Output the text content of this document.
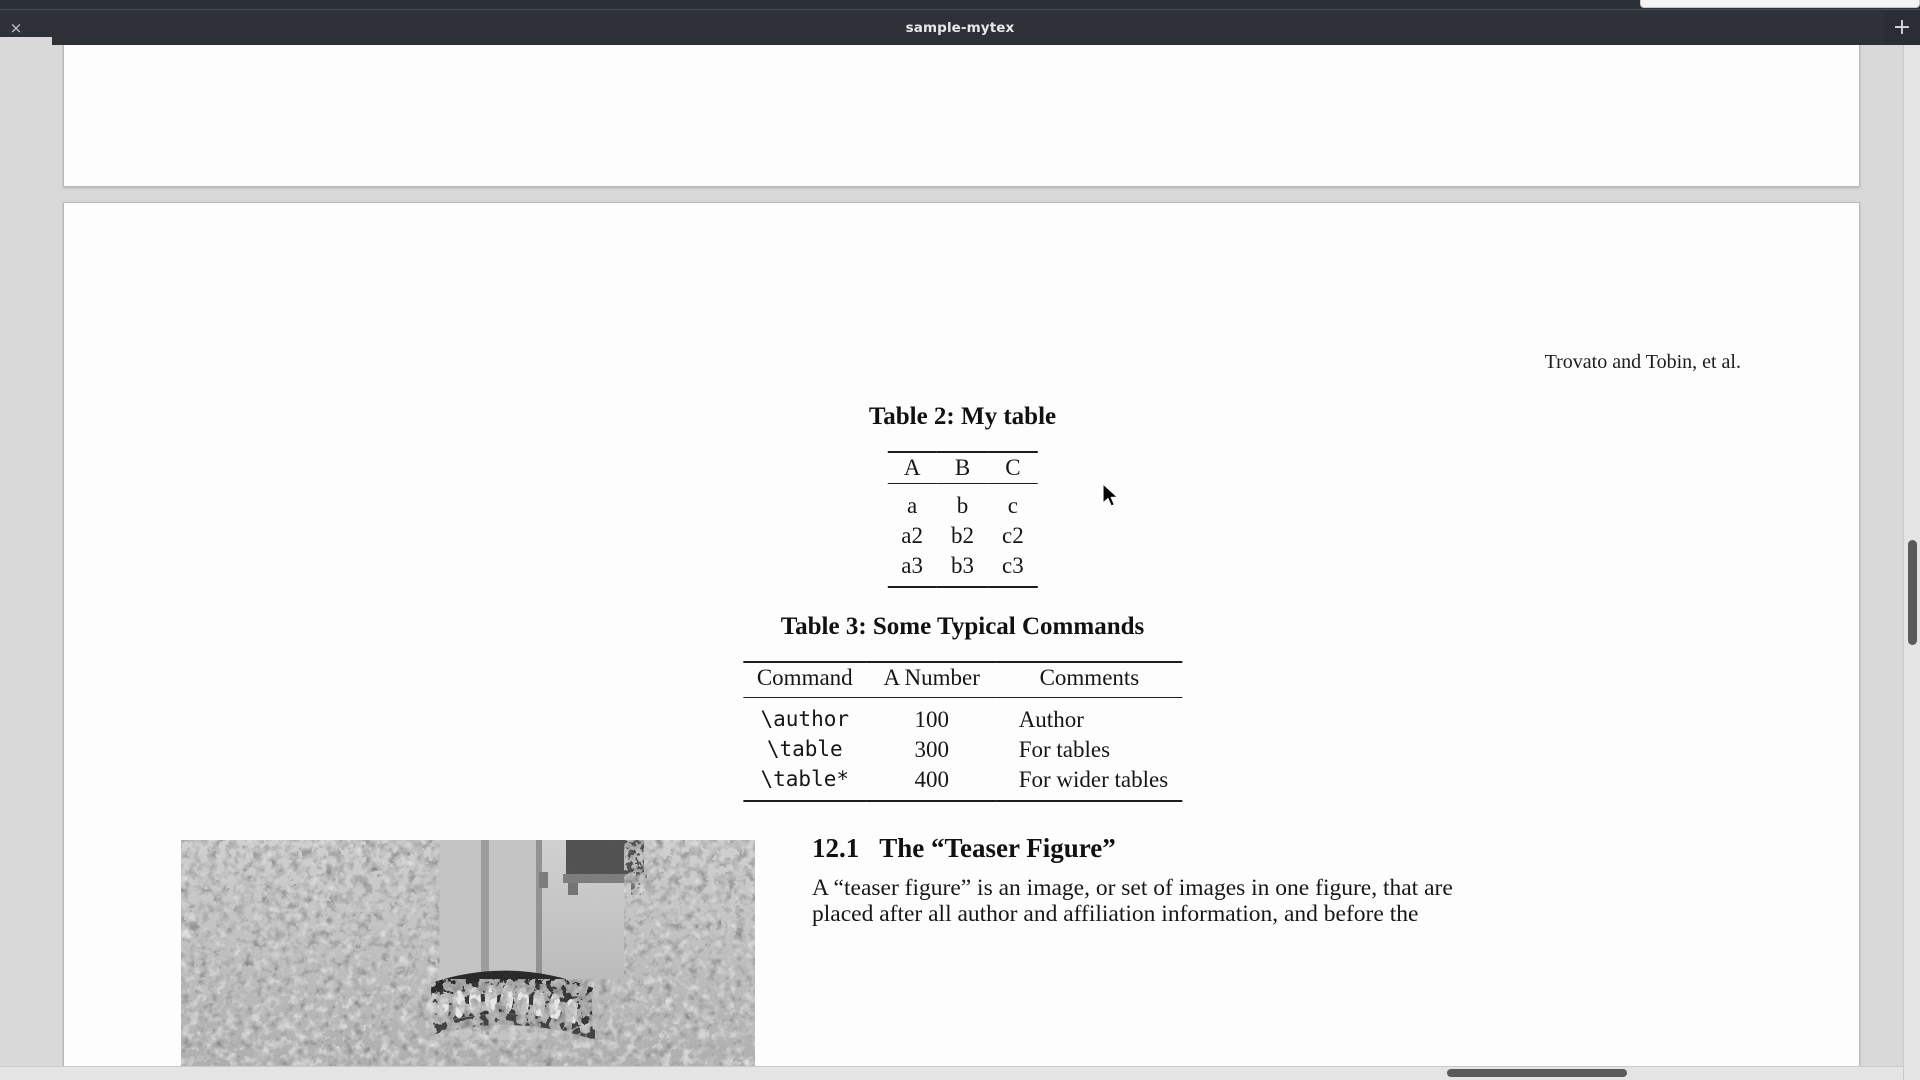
×	sample-mytex	+
Trovato and Tobin, et al.
Table 2: My table
A	B	C
a	b	c
a2	b2	c2
a3	b3	c3
Table 3: Some Typical Commands
Command	A Number	Comments
\author	100	Author
\table	300	For tables
\table*	400	For wider tables
12.1 The “Teaser Figure”
A “teaser figure” is an image, or set of images in one figure, that are
placed after all author and affiliation information, and before the
